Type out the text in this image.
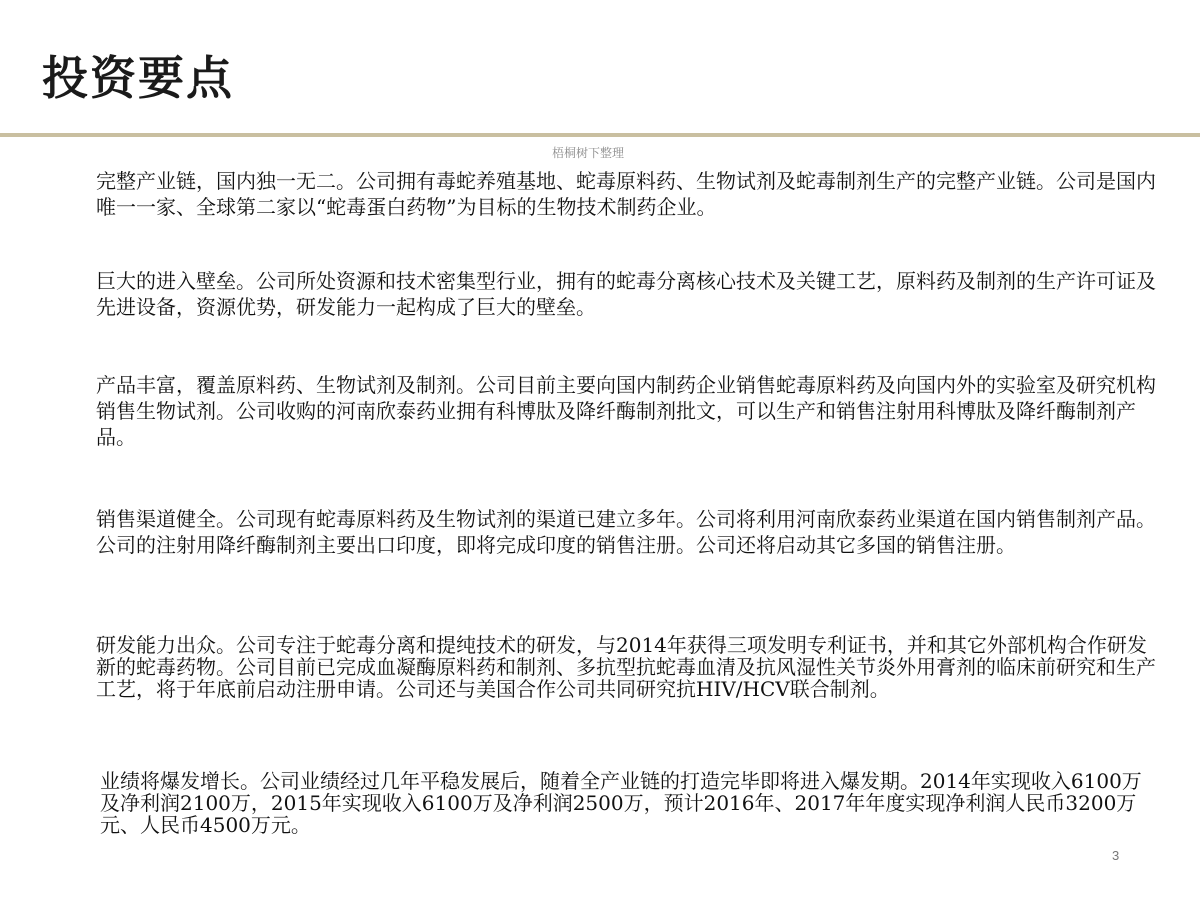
投资要点
梧桐树下整理

完整产业链，国内独一无二。公司拥有毒蛇养殖基地、蛇毒原料药、生物试剂及蛇毒制剂生产的完整产业链。公司是国内唯一一家、全球第二家以“蛇毒蛋白药物”为目标的生物技术制药企业。

巨大的进入壁垒。公司所处资源和技术密集型行业，拥有的蛇毒分离核心技术及关键工艺，原料药及制剂的生产许可证及先进设备，资源优势，研发能力一起构成了巨大的壁垒。

产品丰富，覆盖原料药、生物试剂及制剂。公司目前主要向国内制药企业销售蛇毒原料药及向国内外的实验室及研究机构销售生物试剂。公司收购的河南欣泰药业拥有科博肽及降纤酶制剂批文，可以生产和销售注射用科博肽及降纤酶制剂产品。

销售渠道健全。公司现有蛇毒原料药及生物试剂的渠道已建立多年。公司将利用河南欣泰药业渠道在国内销售制剂产品。公司的注射用降纤酶制剂主要出口印度，即将完成印度的销售注册。公司还将启动其它多国的销售注册。

研发能力出众。公司专注于蛇毒分离和提纯技术的研发，与2014年获得三项发明专利证书，并和其它外部机构合作研发新的蛇毒药物。公司目前已完成血凝酶原料药和制剂、多抗型抗蛇毒血清及抗风湿性关节炎外用膏剂的临床前研究和生产工艺，将于年底前启动注册申请。公司还与美国合作公司共同研究抗HIV/HCV联合制剂。

业绩将爆发增长。公司业绩经过几年平稳发展后，随着全产业链的打造完毕即将进入爆发期。2014年实现收入6100万及净利润2100万，2015年实现收入6100万及净利润2500万，预计2016年、2017年年度实现净利润人民币3200万元、人民币4500万元。

3
